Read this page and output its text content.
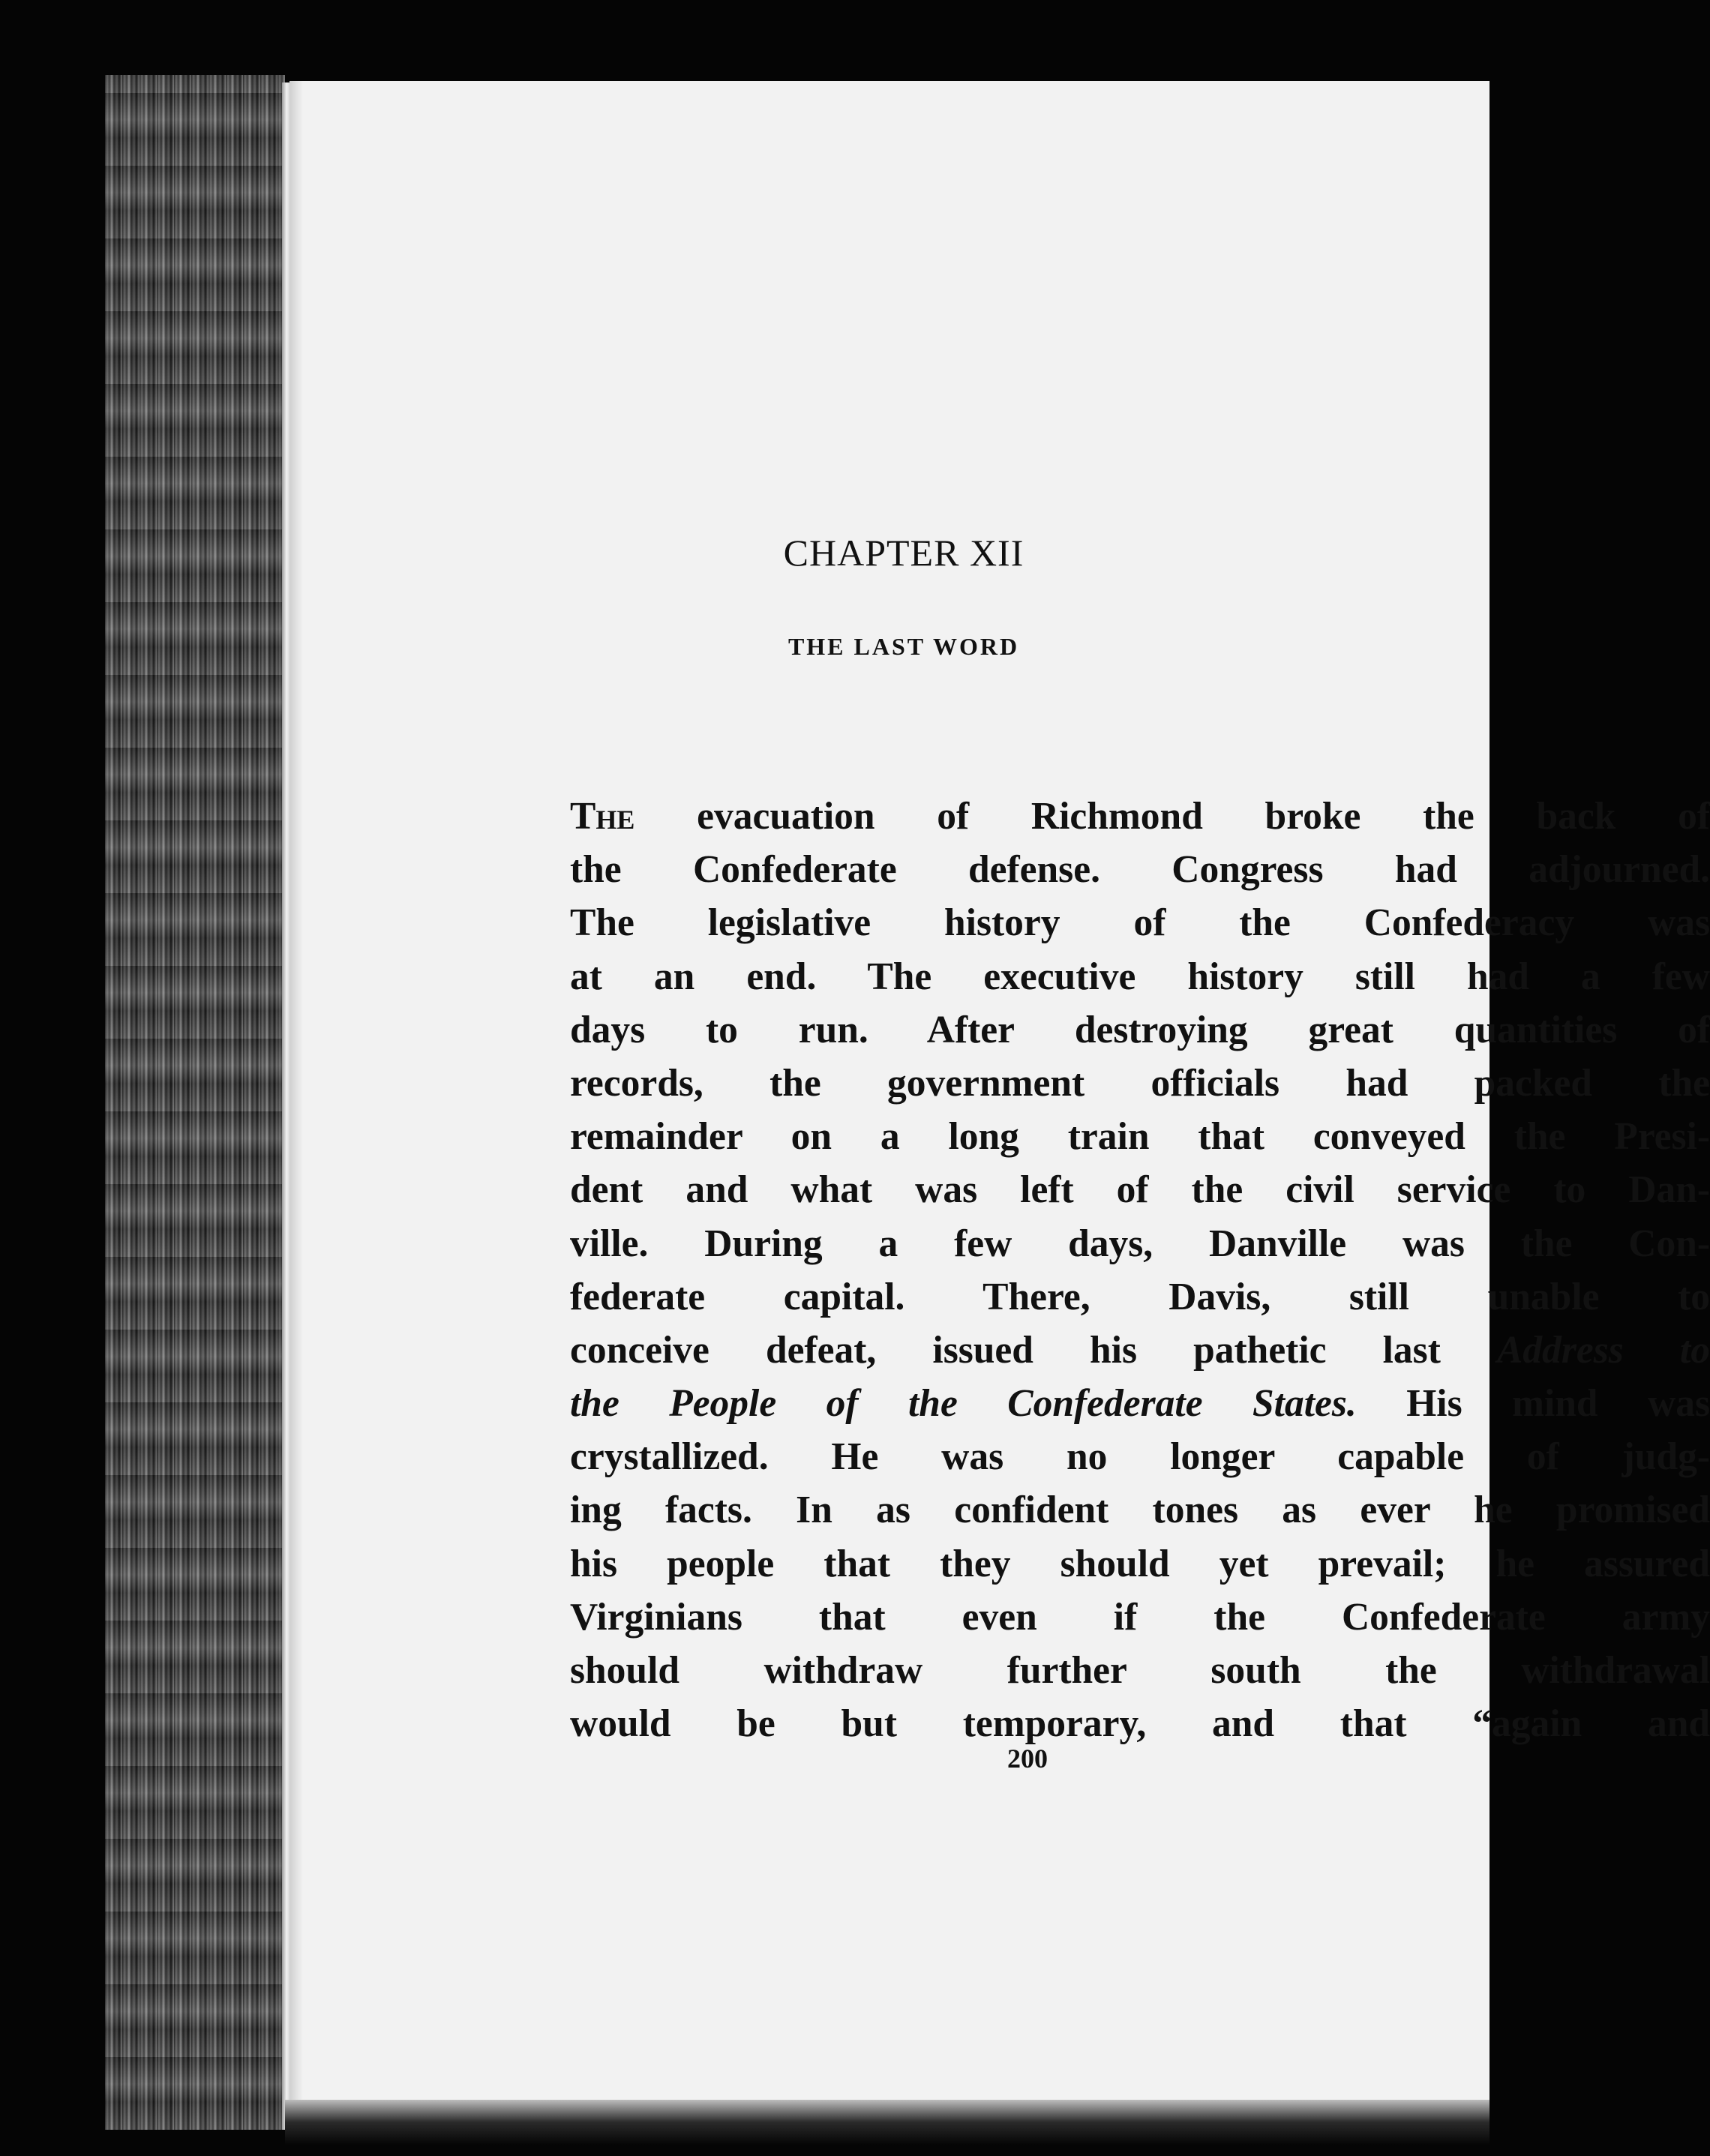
CHAPTER XII
THE LAST WORD
The evacuation of Richmond broke the back of
the Confederate defense. Congress had adjourned.
The legislative history of the Confederacy was
at an end. The executive history still had a few
days to run. After destroying great quantities of
records, the government officials had packed the
remainder on a long train that conveyed the Presi-
dent and what was left of the civil service to Dan-
ville. During a few days, Danville was the Con-
federate capital. There, Davis, still unable to
conceive defeat, issued his pathetic last Address to
the People of the Confederate States. His mind was
crystallized. He was no longer capable of judg-
ing facts. In as confident tones as ever he promised
his people that they should yet prevail; he assured
Virginians that even if the Confederate army
should withdraw further south the withdrawal
would be but temporary, and that “again and
200
